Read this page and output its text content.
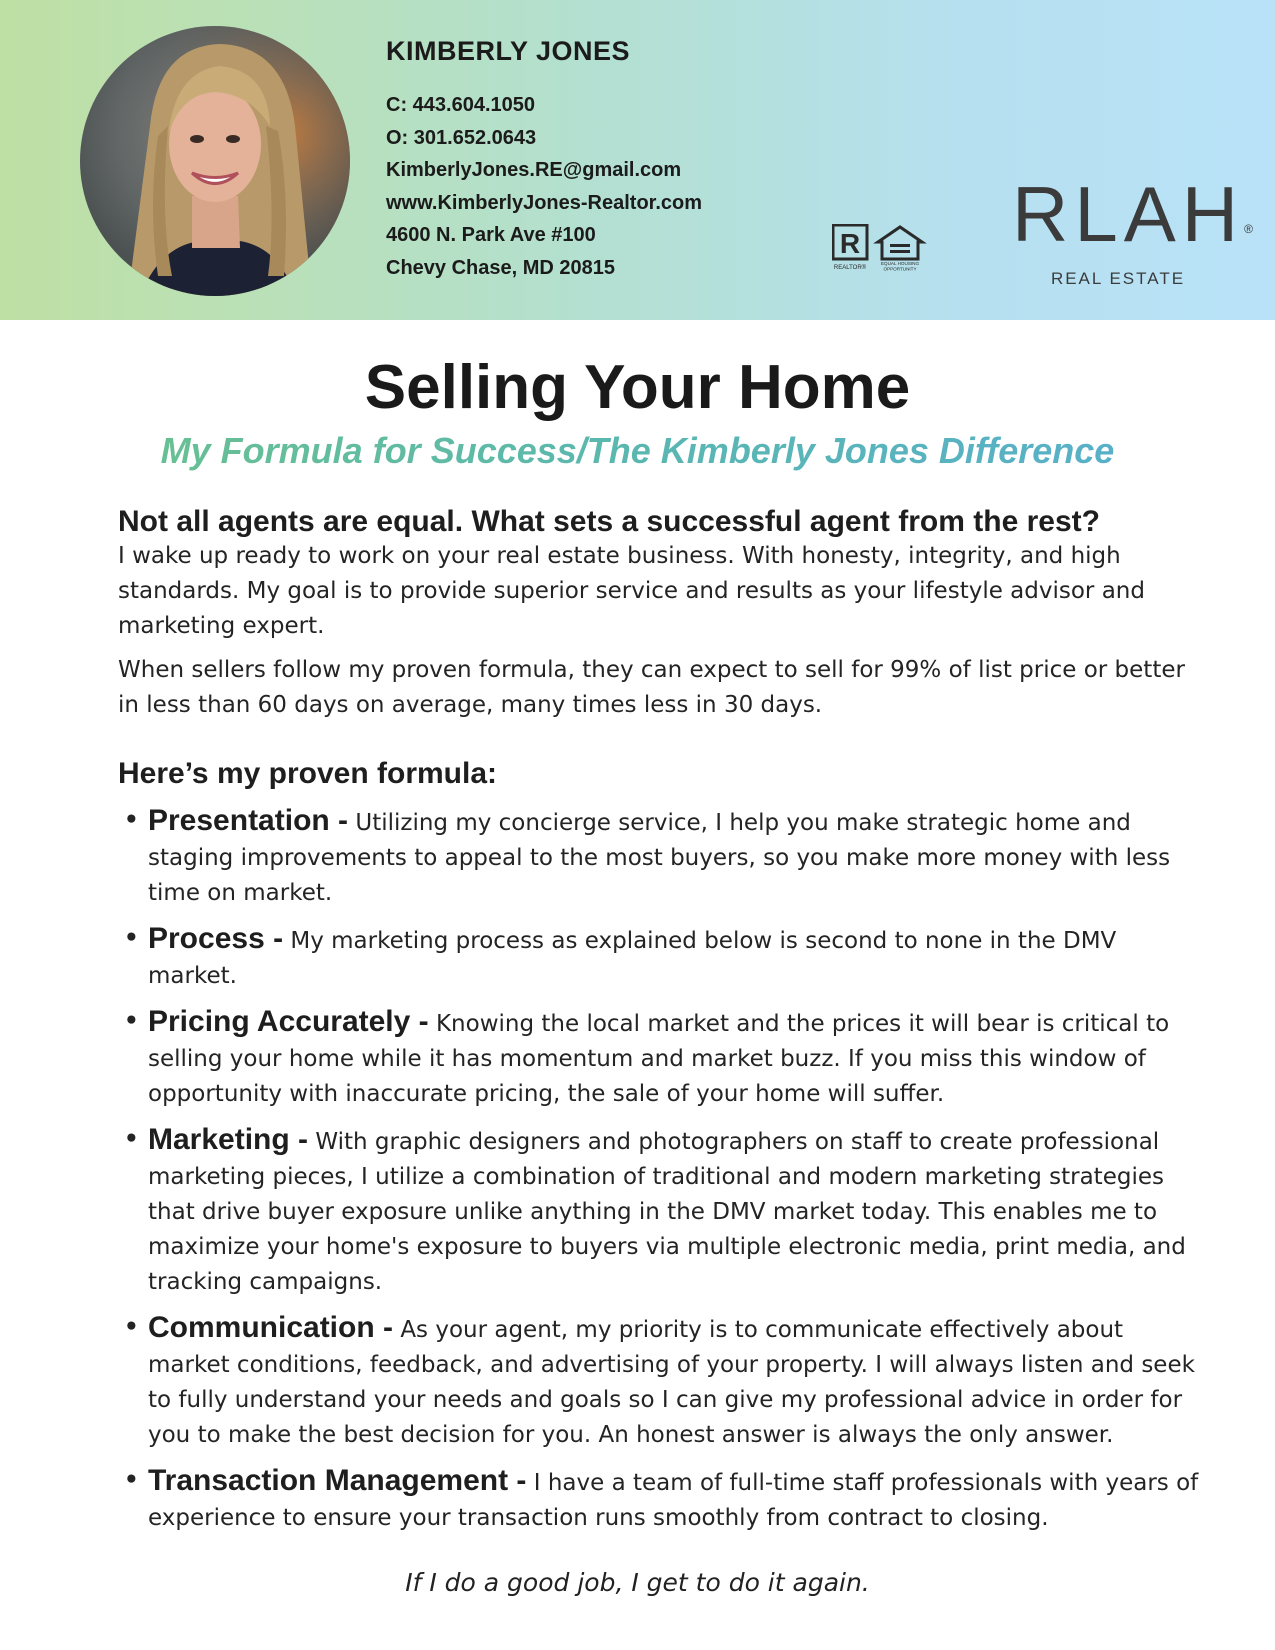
KIMBERLY JONES
C: 443.604.1050
O: 301.652.0643
KimberlyJones.RE@gmail.com
www.KimberlyJones-Realtor.com
4600 N. Park Ave #100
Chevy Chase, MD 20815
R
REALTOR®
EQUAL HOUSING
OPPORTUNITY
RLAH®
REAL ESTATE
Selling Your Home
My Formula for Success/The Kimberly Jones Difference
Not all agents are equal. What sets a successful agent from the rest?

I wake up ready to work on your real estate business. With honesty, integrity, and high standards. My goal is to provide superior service and results as your lifestyle advisor and marketing expert.

When sellers follow my proven formula, they can expect to sell for 99% of list price or better in less than 60 days on average, many times less in 30 days.

Here’s my proven formula:
• Presentation - Utilizing my concierge service, I help you make strategic home and staging improvements to appeal to the most buyers, so you make more money with less time on market.
• Process - My marketing process as explained below is second to none in the DMV market.
• Pricing Accurately - Knowing the local market and the prices it will bear is critical to selling your home while it has momentum and market buzz. If you miss this window of opportunity with inaccurate pricing, the sale of your home will suffer.
• Marketing - With graphic designers and photographers on staff to create professional marketing pieces, I utilize a combination of traditional and modern marketing strategies that drive buyer exposure unlike anything in the DMV market today. This enables me to maximize your home's exposure to buyers via multiple electronic media, print media, and tracking campaigns.
• Communication - As your agent, my priority is to communicate effectively about market conditions, feedback, and advertising of your property. I will always listen and seek to fully understand your needs and goals so I can give my professional advice in order for you to make the best decision for you. An honest answer is always the only answer.
• Transaction Management - I have a team of full-time staff professionals with years of experience to ensure your transaction runs smoothly from contract to closing.
If I do a good job, I get to do it again.
